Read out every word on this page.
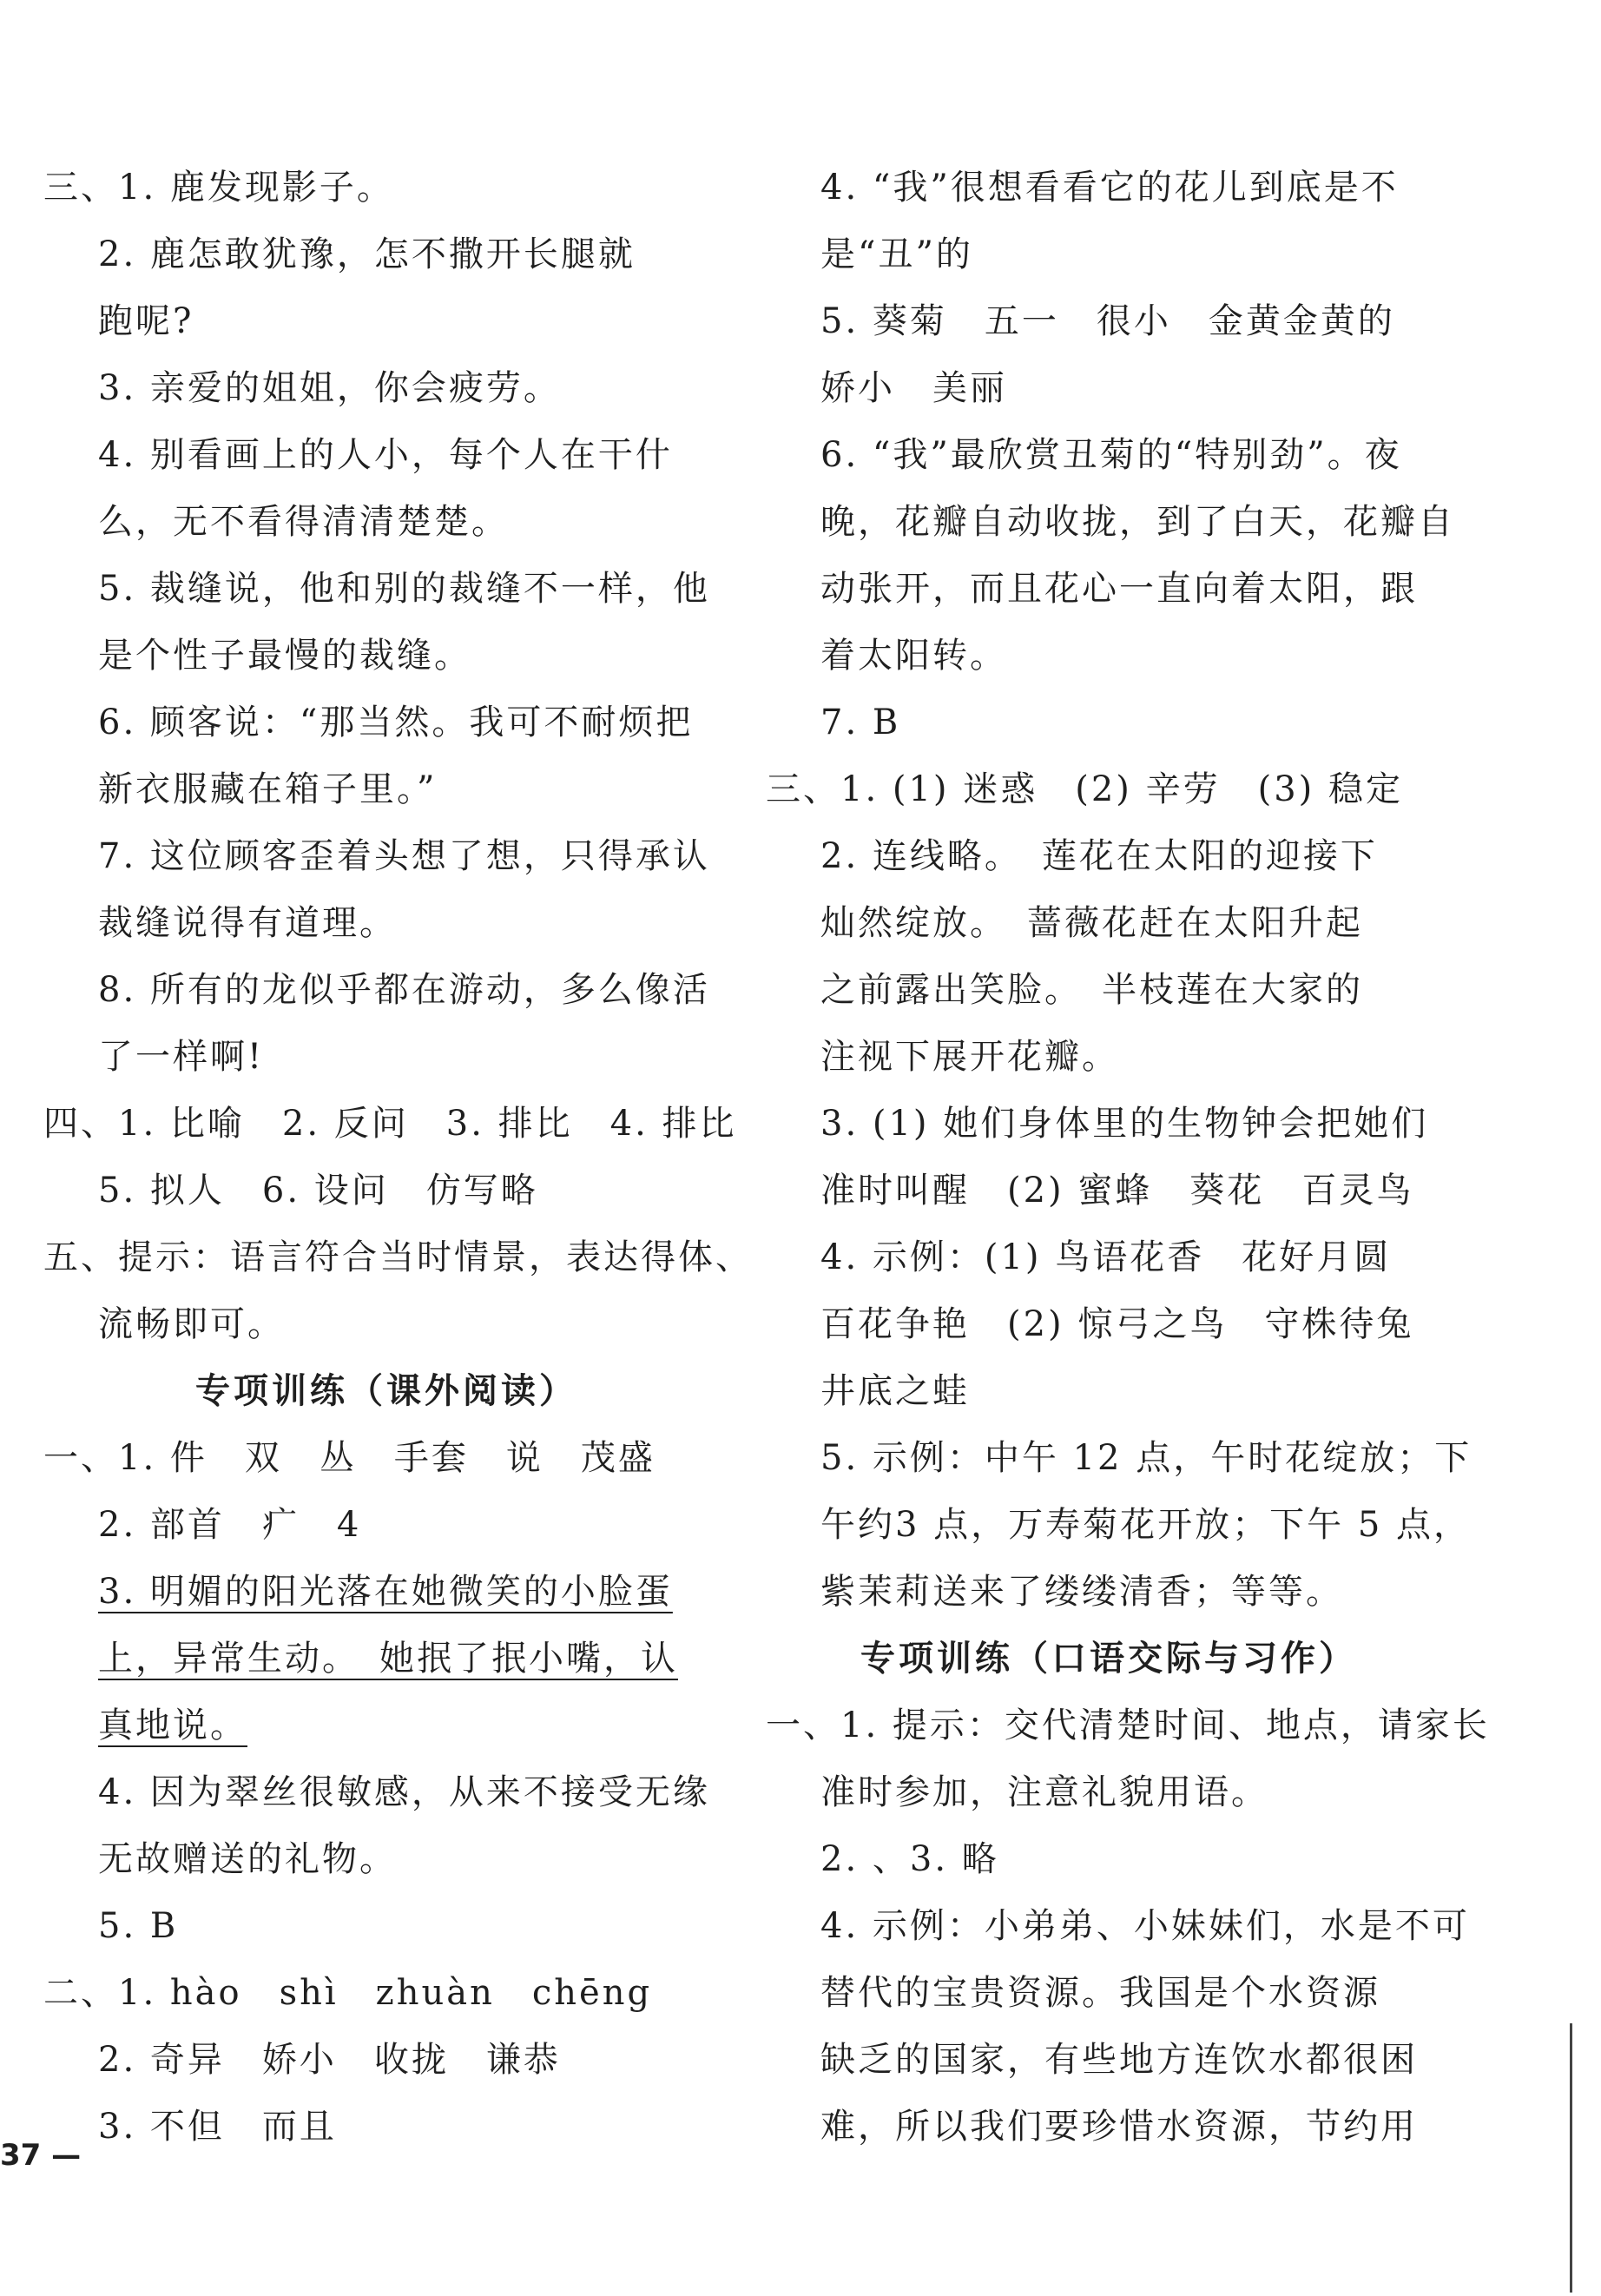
三、1. 鹿发现影子。
2. 鹿怎敢犹豫，怎不撒开长腿就
跑呢?
3. 亲爱的姐姐，你会疲劳。
4. 别看画上的人小，每个人在干什
么，无不看得清清楚楚。
5. 裁缝说，他和别的裁缝不一样，他
是个性子最慢的裁缝。
6. 顾客说：“那当然。我可不耐烦把
新衣服藏在箱子里。”
7. 这位顾客歪着头想了想，只得承认
裁缝说得有道理。
8. 所有的龙似乎都在游动，多么像活
了一样啊!
四、1. 比喻　2. 反问　3. 排比　4. 排比
5. 拟人　6. 设问　仿写略
五、提示：语言符合当时情景，表达得体、
流畅即可。
专项训练（课外阅读）
一、1. 件　双　丛　手套　说　茂盛
2. 部首　疒　4
3. 明媚的阳光落在她微笑的小脸蛋
上，异常生动。　她抿了抿小嘴，认
真地说。
4. 因为翠丝很敏感，从来不接受无缘
无故赠送的礼物。
5. B
二、1. hào　shì　zhuàn　chēng
2. 奇异　娇小　收拢　谦恭
3. 不但　而且
4. “我”很想看看它的花儿到底是不
是“丑”的
5. 葵菊　五一　很小　金黄金黄的
娇小　美丽
6. “我”最欣赏丑菊的“特别劲”。夜
晚，花瓣自动收拢，到了白天，花瓣自
动张开，而且花心一直向着太阳，跟
着太阳转。
7. B
三、1. (1) 迷惑　(2) 辛劳　(3) 稳定
2. 连线略。　莲花在太阳的迎接下
灿然绽放。　蔷薇花赶在太阳升起
之前露出笑脸。　半枝莲在大家的
注视下展开花瓣。
3. (1) 她们身体里的生物钟会把她们
准时叫醒　(2) 蜜蜂　葵花　百灵鸟
4. 示例：(1) 鸟语花香　花好月圆
百花争艳　(2) 惊弓之鸟　守株待兔
井底之蛙
5. 示例：中午 12 点，午时花绽放；下
午约3 点，万寿菊花开放；下午 5 点，
紫茉莉送来了缕缕清香；等等。
专项训练（口语交际与习作）
一、1. 提示：交代清楚时间、地点，请家长
准时参加，注意礼貌用语。
2. 、3. 略
4. 示例：小弟弟、小妹妹们，水是不可
替代的宝贵资源。我国是个水资源
缺乏的国家，有些地方连饮水都很困
难，所以我们要珍惜水资源，节约用
37 —
